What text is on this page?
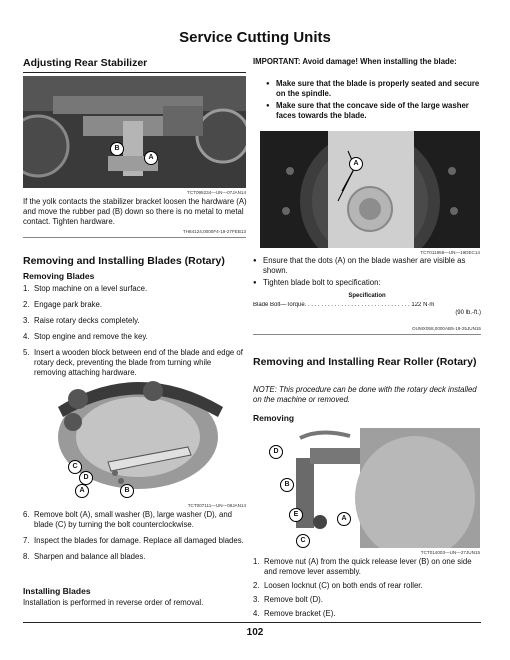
Service Cutting Units
Adjusting Rear Stabilizer
B
A
TCT095234—UN—07JAN14
If the yolk contacts the stabilizer bracket loosen the hardware (A) and move the rubber pad (B) down so there is no metal to metal contact. Tighten hardware.
TH84124,0000F4-19-27FEB13
Removing and Installing Blades (Rotary)
Removing Blades
1. Stop machine on a level surface.
2. Engage park brake.
3. Raise rotary decks completely.
4. Stop engine and remove the key.
5. Insert a wooden block between end of the blade and edge of rotary deck, preventing the blade from turning while removing attaching hardware.
C
D
A	B
TCT007111—UN—08JAN14
6. Remove bolt (A), small washer (B), large washer (D), and blade (C) by turning the bolt counterclockwise.
7. Inspect the blades for damage. Replace all damaged blades.
8. Sharpen and balance all blades.
Installing Blades
Installation is performed in reverse order of removal.
IMPORTANT: Avoid damage! When installing the blade:
● Make sure that the blade is properly seated and secure on the spindle.
● Make sure that the concave side of the large washer faces towards the blade.
A
TCT011956—UN—19DEC14
● Ensure that the dots (A) on the blade washer are visible as shown.
● Tighten blade bolt to specification:
Specification
Blade Bolt—Torque. . . . . . . . . . . . . . . . . . . . . . . . . . . . . . . . 122 N·m
(90 lb.-ft.)
OUMX058,0000AB5-19-25JUN15
Removing and Installing Rear Roller (Rotary)
NOTE: This procedure can be done with the rotary deck installed on the machine or removed.
Removing
D
B
E
A
C
TCT014003—UN—27JUN15
1. Remove nut (A) from the quick release lever (B) on one side and remove lever assembly.
2. Loosen locknut (C) on both ends of rear roller.
3. Remove bolt (D).
4. Remove bracket (E).
102
